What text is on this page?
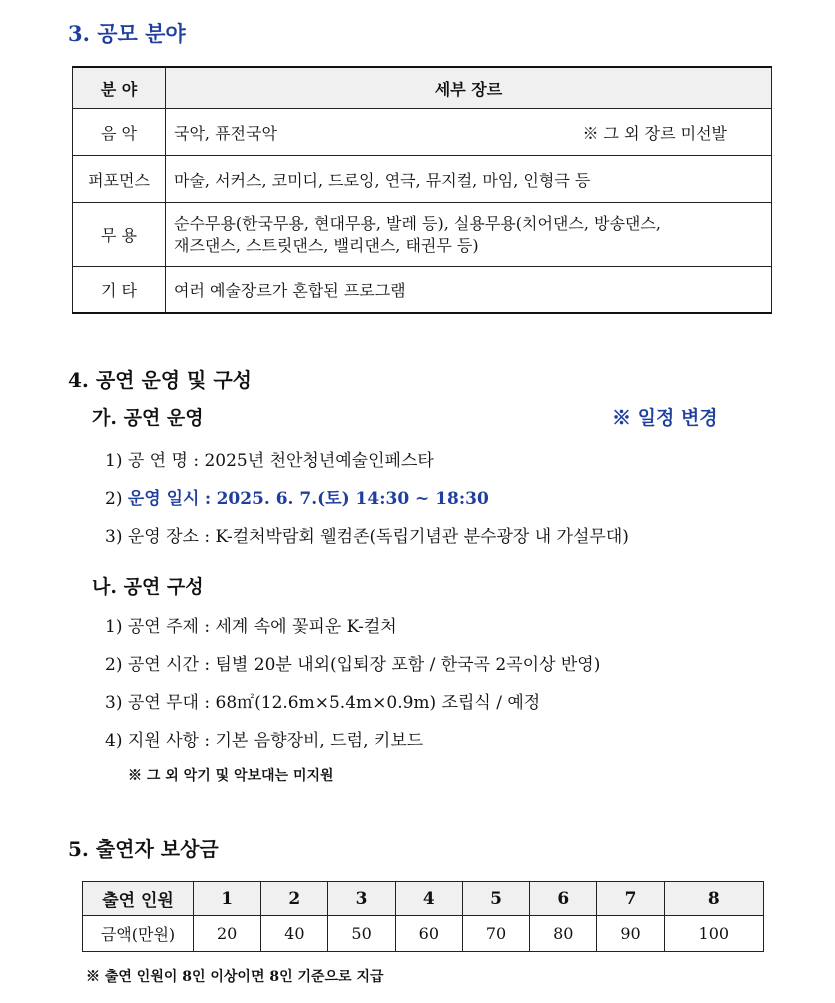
3. 공모 분야
분 야	세부 장르
음 악	국악, 퓨전국악 ※ 그 외 장르 미선발

퍼포먼스	마술, 서커스, 코미디, 드로잉, 연극, 뮤지컬, 마임, 인형극 등
무 용	순수무용(한국무용, 현대무용, 발레 등), 실용무용(치어댄스, 방송댄스,
재즈댄스, 스트릿댄스, 밸리댄스, 태권무 등)

기 타	여러 예술장르가 혼합된 프로그램
4. 공연 운영 및 구성
가. 공연 운영	※ 일정 변경
1) 공 연 명 : 2025년 천안청년예술인페스타
2) 운영 일시 : 2025. 6. 7.(토) 14:30 ~ 18:30
3) 운영 장소 : K-컬처박람회 웰컴존(독립기념관 분수광장 내 가설무대)
나. 공연 구성
1) 공연 주제 : 세계 속에 꽃피운 K-컬처
2) 공연 시간 : 팀별 20분 내외(입퇴장 포함 / 한국곡 2곡이상 반영)
3) 공연 무대 : 68㎡(12.6m×5.4m×0.9m) 조립식 / 예정
4) 지원 사항 : 기본 음향장비, 드럼, 키보드
※ 그 외 악기 및 악보대는 미지원
5. 출연자 보상금
출연 인원	1	2	3	4	5	6	7	8
금액(만원)	20	40	50	60	70	80	90	100
※ 출연 인원이 8인 이상이면 8인 기준으로 지급
